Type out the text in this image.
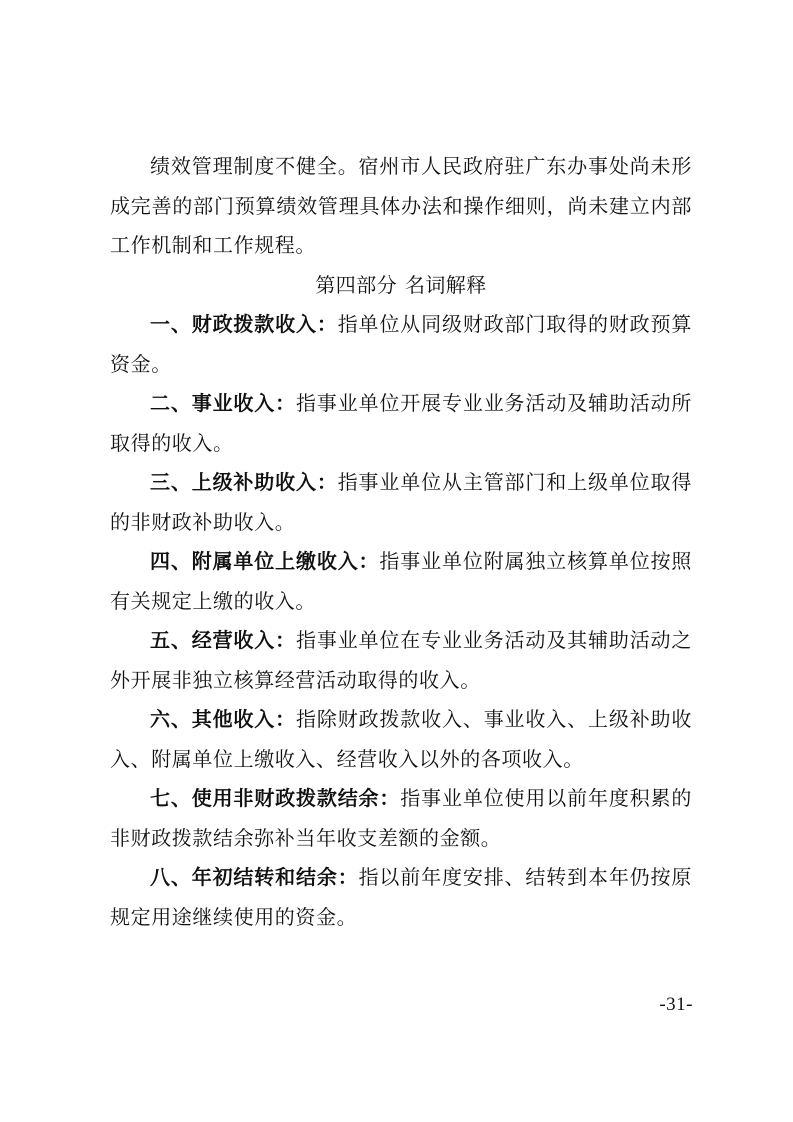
绩效管理制度不健全。宿州市人民政府驻广东办事处尚未形成完善的部门预算绩效管理具体办法和操作细则，尚未建立内部工作机制和工作规程。

第四部分 名词解释

一、财政拨款收入：指单位从同级财政部门取得的财政预算资金。

二、事业收入：指事业单位开展专业业务活动及辅助活动所取得的收入。

三、上级补助收入：指事业单位从主管部门和上级单位取得的非财政补助收入。

四、附属单位上缴收入：指事业单位附属独立核算单位按照有关规定上缴的收入。

五、经营收入：指事业单位在专业业务活动及其辅助活动之外开展非独立核算经营活动取得的收入。

六、其他收入：指除财政拨款收入、事业收入、上级补助收入、附属单位上缴收入、经营收入以外的各项收入。

七、使用非财政拨款结余：指事业单位使用以前年度积累的非财政拨款结余弥补当年收支差额的金额。

八、年初结转和结余：指以前年度安排、结转到本年仍按原规定用途继续使用的资金。

-31-
